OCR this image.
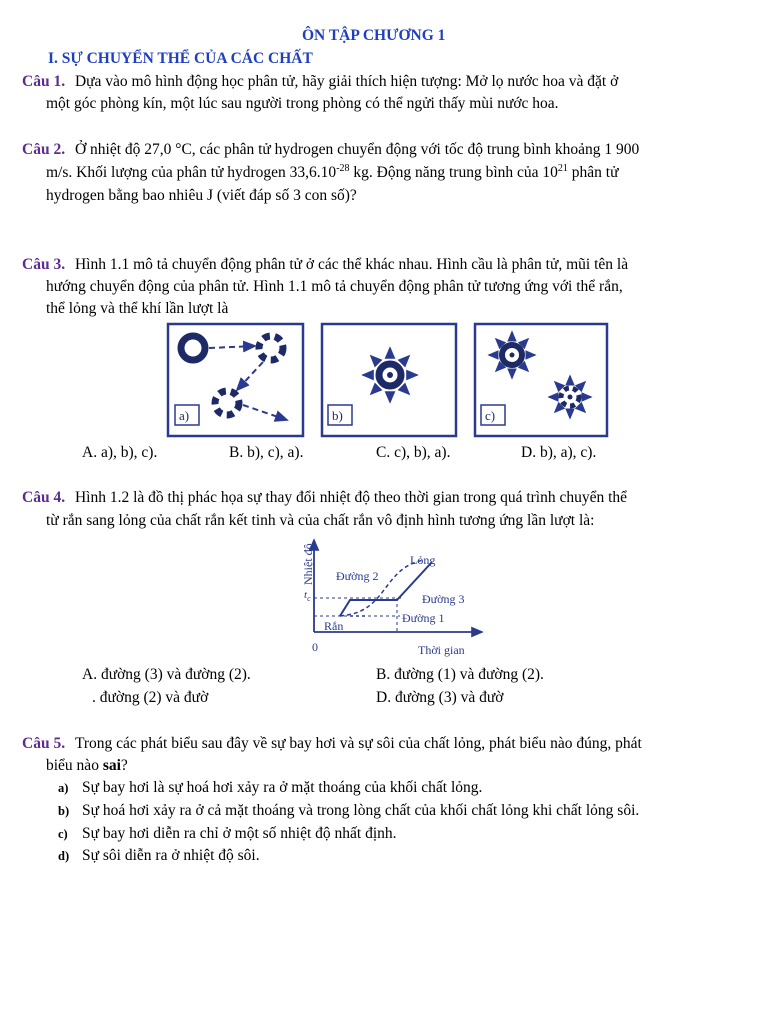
ÔN TẬP CHƯƠNG 1
I. SỰ CHUYỂN THỂ CỦA CÁC CHẤT
Câu 1. Dựa vào mô hình động học phân tử, hãy giải thích hiện tượng: Mở lọ nước hoa và đặt ở
một góc phòng kín, một lúc sau người trong phòng có thể ngửi thấy mùi nước hoa.
Câu 2. Ở nhiệt độ 27,0 °C, các phân tử hydrogen chuyển động với tốc độ trung bình khoảng 1 900
m/s. Khối lượng của phân tử hydrogen $33,6.10^{-28}$ kg. Động năng trung bình của $10^{21}$ phân tử
hydrogen bằng bao nhiêu J (viết đáp số 3 con số)?
Câu 3. Hình 1.1 mô tả chuyển động phân tử ở các thể khác nhau. Hình cầu là phân tử, mũi tên là
hướng chuyển động của phân tử. Hình 1.1 mô tả chuyển động phân tử tương ứng với thể rắn,
thể lỏng và thể khí lần lượt là
a)	b)	c)
A. a), b), c).	B. b), c), a).	C. c), b), a).	D. b), a), c).
Câu 4. Hình 1.2 là đồ thị phác họa sự thay đổi nhiệt độ theo thời gian trong quá trình chuyển thể
từ rắn sang lỏng của chất rắn kết tinh và của chất rắn vô định hình tương ứng lần lượt là:
Nhiệt độ
$t_c$
Lỏng
Đường 2
Đường 3
Đường 1
Rắn
0	Thời gian
A. đường (3) và đường (2).	B. đường (1) và đường (2).
. đường (2) và đườ	D. đường (3) và đườ
Câu 5. Trong các phát biểu sau đây về sự bay hơi và sự sôi của chất lỏng, phát biểu nào đúng, phát
biểu nào sai?
a) Sự bay hơi là sự hoá hơi xảy ra ở mặt thoáng của khối chất lỏng.
b) Sự hoá hơi xảy ra ở cả mặt thoáng và trong lòng chất của khối chất lỏng khi chất lỏng sôi.
c) Sự bay hơi diễn ra chỉ ở một số nhiệt độ nhất định.
d) Sự sôi diễn ra ở nhiệt độ sôi.
